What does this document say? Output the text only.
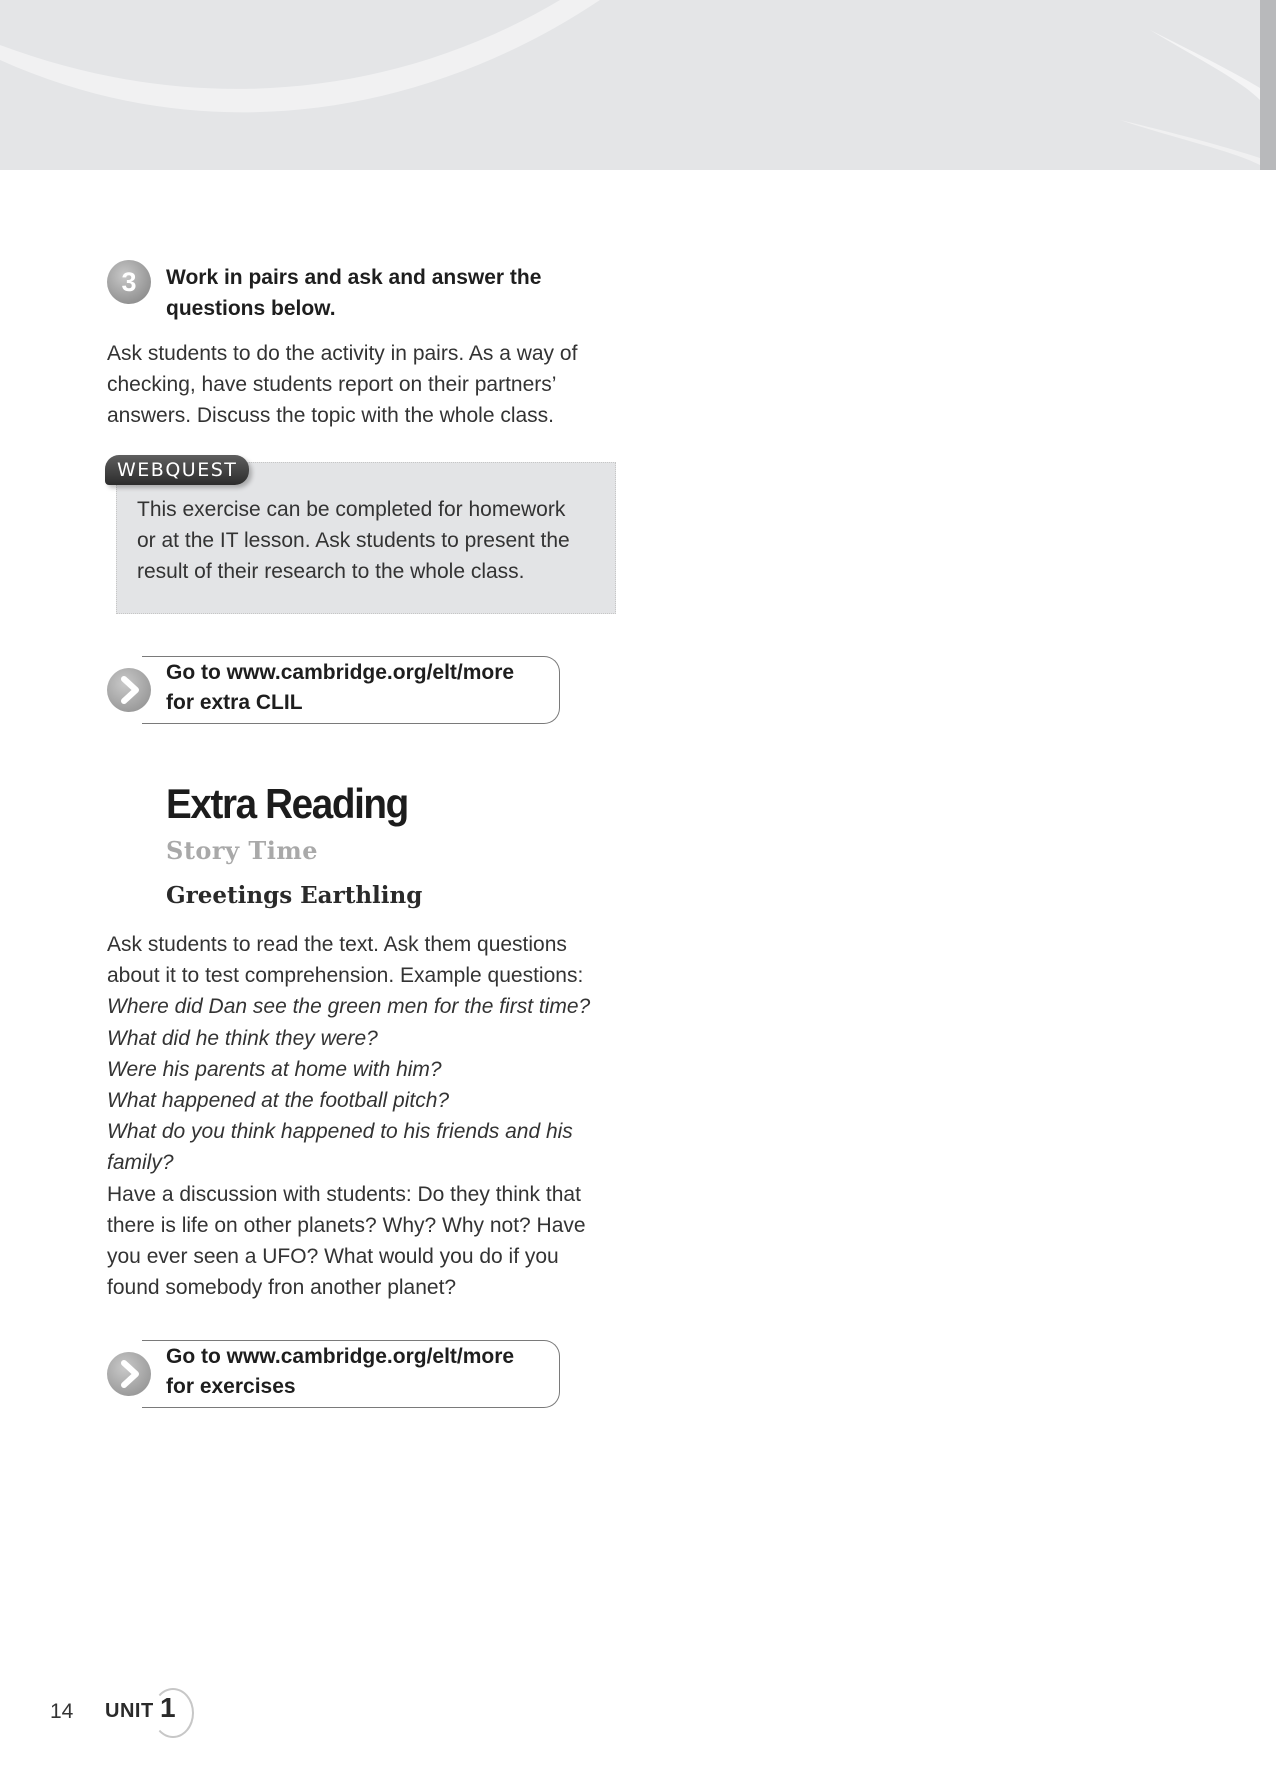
3	Work in pairs and ask and answer the
questions below.
Ask students to do the activity in pairs. As a way of
checking, have students report on their partners’
answers. Discuss the topic with the whole class.
WEBQUEST
This exercise can be completed for homework
or at the IT lesson. Ask students to present the
result of their research to the whole class.
Go to www.cambridge.org/elt/more
for extra CLIL
Extra Reading
Story Time
Greetings Earthling
Ask students to read the text. Ask them questions
about it to test comprehension. Example questions:
Where did Dan see the green men for the first time?
What did he think they were?
Were his parents at home with him?
What happened at the football pitch?
What do you think happened to his friends and his
family?
Have a discussion with students: Do they think that
there is life on other planets? Why? Why not? Have
you ever seen a UFO? What would you do if you
found somebody fron another planet?
Go to www.cambridge.org/elt/more
for exercises
14 UNIT 1
